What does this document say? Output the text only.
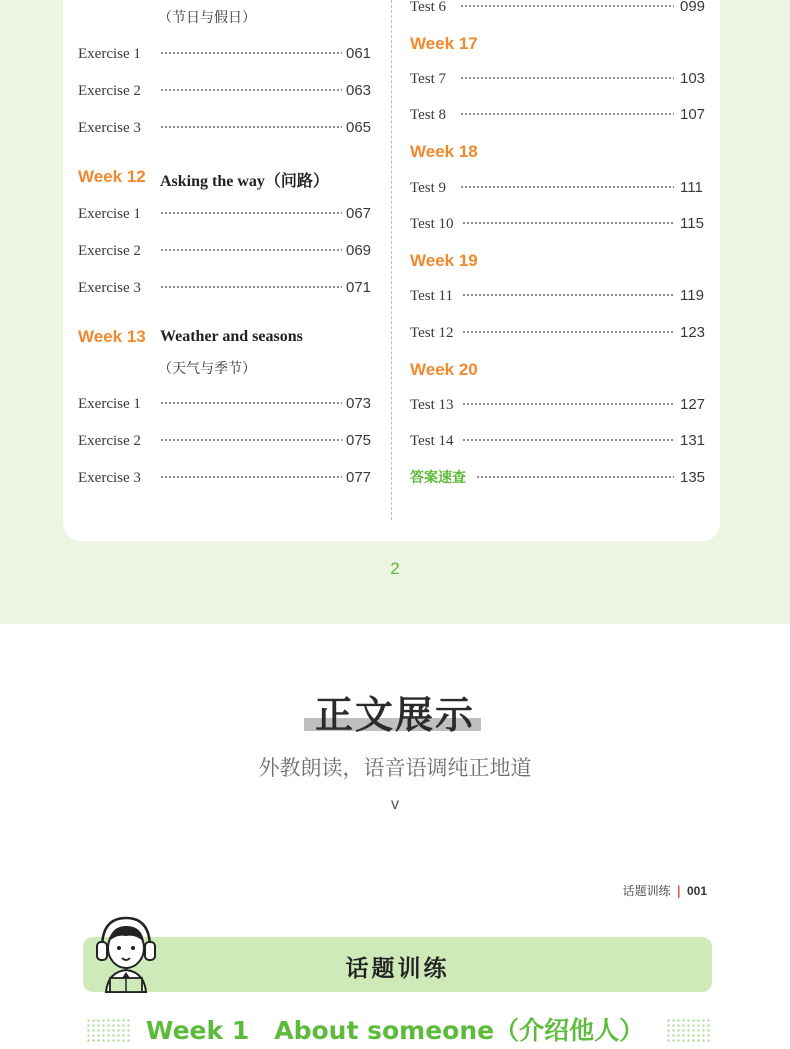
（节日与假日）
Exercise 1	061
Exercise 2	063
Exercise 3	065
Week 12 Asking the way（问路）
Exercise 1	067
Exercise 2	069
Exercise 3	071
Week 13 Weather and seasons
（天气与季节）
Exercise 1	073
Exercise 2	075
Exercise 3	077
Test 6	099
Week 17
Test 7	103
Test 8	107
Week 18
Test 9	111
Test 10	115
Week 19
Test 11	119
Test 12	123
Week 20
Test 13	127
Test 14	131
答案速查	135
2
正文展示
外教朗读，语音语调纯正地道
v
话题训练 | 001
话题训练
Week 1　About someone（介绍他人）
